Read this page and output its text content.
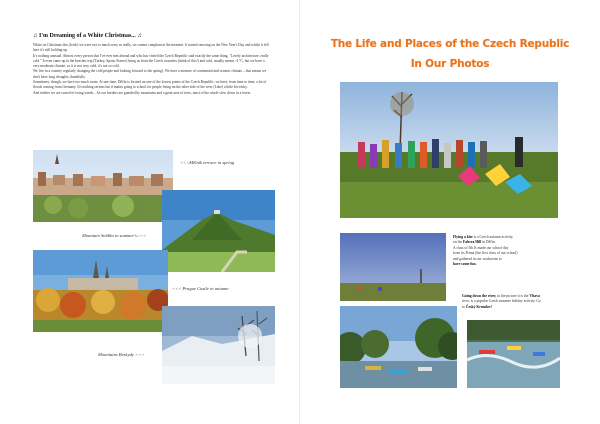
♫ I'm Dreaming of a White Christmas... ♫

White on Christmas this (fetch) we were not so much sorry as really, we cannot complain at the moment. It started snowing on the New Year's Day and whilst it fell here it's still holding up.

It's nothing unusual. Almost every person that I've ever met abroad and who has visited the Czech Republic said exactly the same thing, "Lovely architecture, really cold." It even came up in the beaches trip (Turkey, Spain, France) bring us from the Czech countries (think of this!) and cold, usually means -4 °C, but we have a very moderate climate, so it is not very cold, it's not so cold.

We live in a country regularly changing the cold people and looking forward to the spring). We have a mixture of continental and oceanic climate – that means we don't have long droughts, thankfully.

Sometimes, though, we have too much water. At one time, Děčín is located on one of the lowest points of the Czech Republic, we have, from time to time, a lot of floods coming from Germany. It's nothing serious but it makes going to school for people living on the other side of the river (Labe) a little bit tricky.

And neither we are scared of rising winds... As our borders are guarded by mountains and a great area of trees, most of the winds slow down in a forest.

<<<Mělník terrace in spring
Mountain Sněžka in summer's>>>
<<< Prague Castle in autumn
Mountains Beskydy >>>
The Life and Places of the Czech Republic
In Our Photos
Flying a kite is a Czech autumn activity,
on the Fabera Hill in Děčín.
A class of 5th K made our school day
from its Prima (the first class of our school)
and gathered in our workroom to
have some fun.
Going down the river, in the picture it is the Vltava
river, is a popular Czech summer holiday activity. Go
to Český Krumlov!
